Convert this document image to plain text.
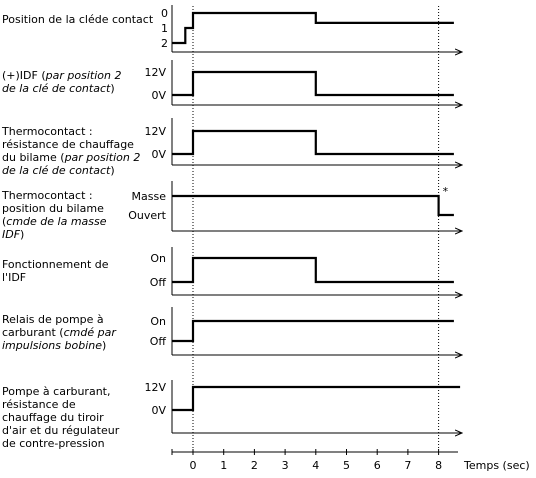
Position de la cléde contact
(+)IDF (par position 2
de la clé de contact)
Thermocontact :
résistance de chauffage
du bilame (par position 2
de la clé de contact)
Thermocontact :
position du bilame
(cmde de la masse
IDF)
Fonctionnement de
l'IDF
Relais de pompe à
carburant (cmdé par
impulsions bobine)
Pompe à carburant,
résistance de
chauffage du tiroir
d'air et du régulateur
de contre-pression
0
1
2
12V
0V
12V
0V
Masse
Ouvert
*
On
Off
On
Off
12V
0V
0 1 2 3 4 5 6 7 8 Temps (sec)
